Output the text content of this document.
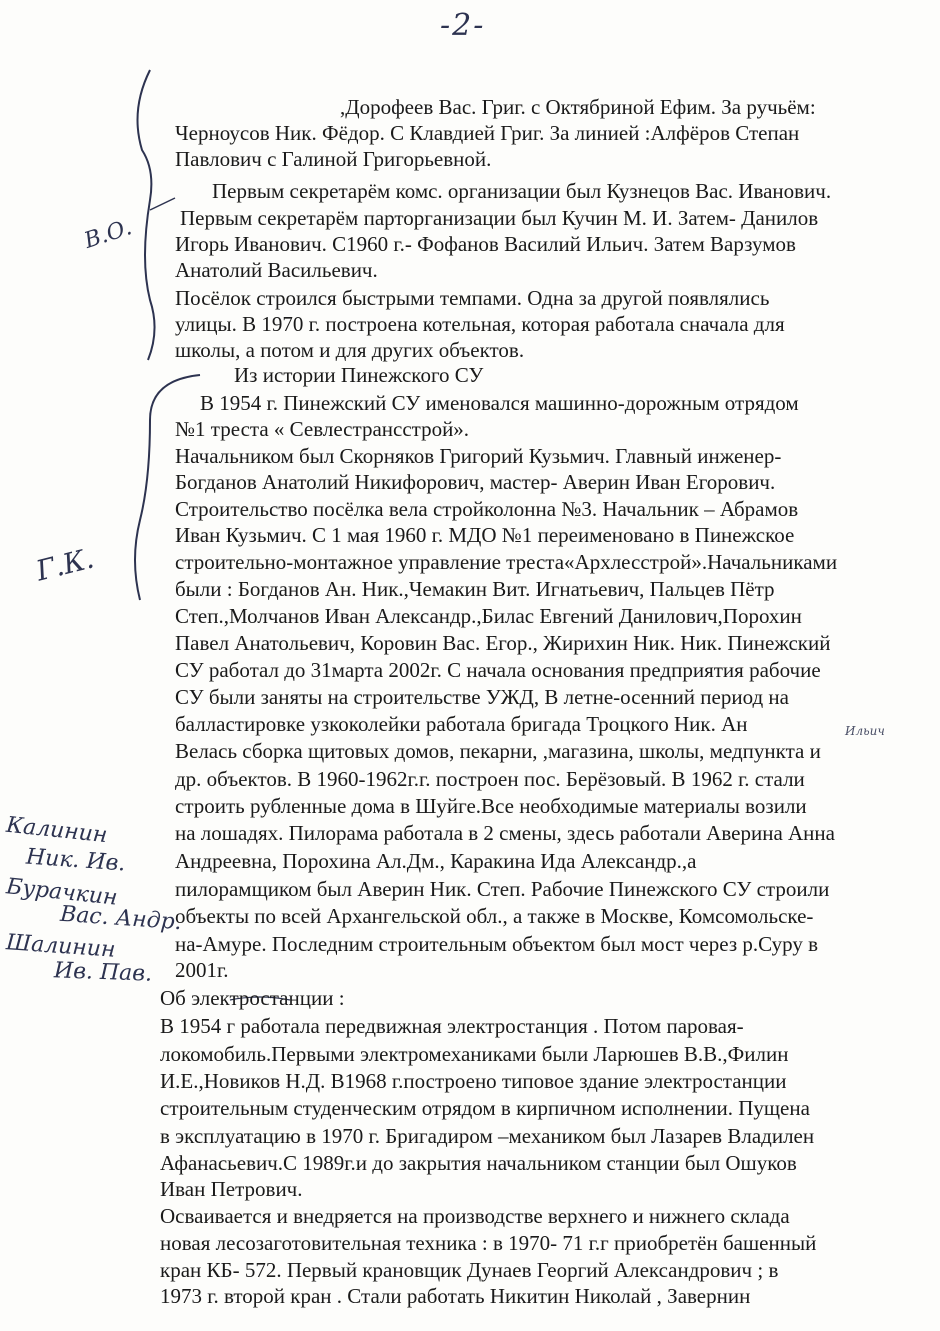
-2-
,Дорофеев Вас. Григ. с Октябриной Ефим. За ручьём:
Черноусов Ник. Фёдор. С Клавдией Григ. За линией :Алфёров Степан
Павлович с Галиной Григорьевной.
Первым секретарём комс. организации был Кузнецов Вас. Иванович.
Первым секретарём парторганизации был Кучин М. И. Затем- Данилов
Игорь Иванович. С1960 г.- Фофанов Василий Ильич. Затем Варзумов
Анатолий Васильевич.
Посёлок строился быстрыми темпами. Одна за другой появлялись
улицы. В 1970 г. построена котельная, которая работала сначала для
школы, а потом и для других объектов.
Из истории Пинежского СУ
В 1954 г. Пинежский СУ именовался машинно-дорожным отрядом
№1 треста « Севлестрансстрой».
Начальником был Скорняков Григорий Кузьмич. Главный инженер-
Богданов Анатолий Никифорович, мастер- Аверин Иван Егорович.
Строительство посёлка вела стройколонна №3. Начальник – Абрамов
Иван Кузьмич. С 1 мая 1960 г. МДО №1 переименовано в Пинежское
строительно-монтажное управление треста«Архлесстрой».Начальниками
были : Богданов Ан. Ник.,Чемакин Вит. Игнатьевич, Пальцев Пётр
Степ.,Молчанов Иван Александр.,Билас Евгений Данилович,Порохин
Павел Анатольевич, Коровин Вас. Егор., Жирихин Ник. Ник. Пинежский
СУ работал до 31марта 2002г. С начала основания предприятия рабочие
СУ были заняты на строительстве УЖД, В летне-осенний период на
балластировке узкоколейки работала бригада Троцкого Ник. Ан
Велась сборка щитовых домов, пекарни, ,магазина, школы, медпункта и
др. объектов. В 1960-1962г.г. построен пос. Берёзовый. В 1962 г. стали
строить рубленные дома в Шуйге.Все необходимые материалы возили
на лошадях. Пилорама работала в 2 смены, здесь работали Аверина Анна
Андреевна, Порохина Ал.Дм., Каракина Ида Александр.,а
пилорамщиком был Аверин Ник. Степ. Рабочие Пинежского СУ строили
объекты по всей Архангельской обл., а также в Москве, Комсомольске-
на-Амуре. Последним строительным объектом был мост через р.Суру в
2001г.
Об электростанции :
В 1954 г работала передвижная электростанция . Потом паровая-
локомобиль.Первыми электромеханиками были Ларюшев В.В.,Филин
И.Е.,Новиков Н.Д. В1968 г.построено типовое здание электростанции
строительным студенческим отрядом в кирпичном исполнении. Пущена
в эксплуатацию в 1970 г. Бригадиром –механиком был Лазарев Владилен
Афанасьевич.С 1989г.и до закрытия начальником станции был Ошуков
Иван Петрович.
Осваивается и внедряется на производстве верхнего и нижнего склада
новая лесозаготовительная техника : в 1970- 71 г.г приобретён башенный
кран КБ- 572. Первый крановщик Дунаев Георгий Александрович ; в
1973 г. второй кран . Стали работать Никитин Николай , Завернин
В.О.
Г.К.
Калинин
Ник. Ив.
Бурачкин
Вас. Андр.
Шалинин
Ив. Пав.
Ильич
